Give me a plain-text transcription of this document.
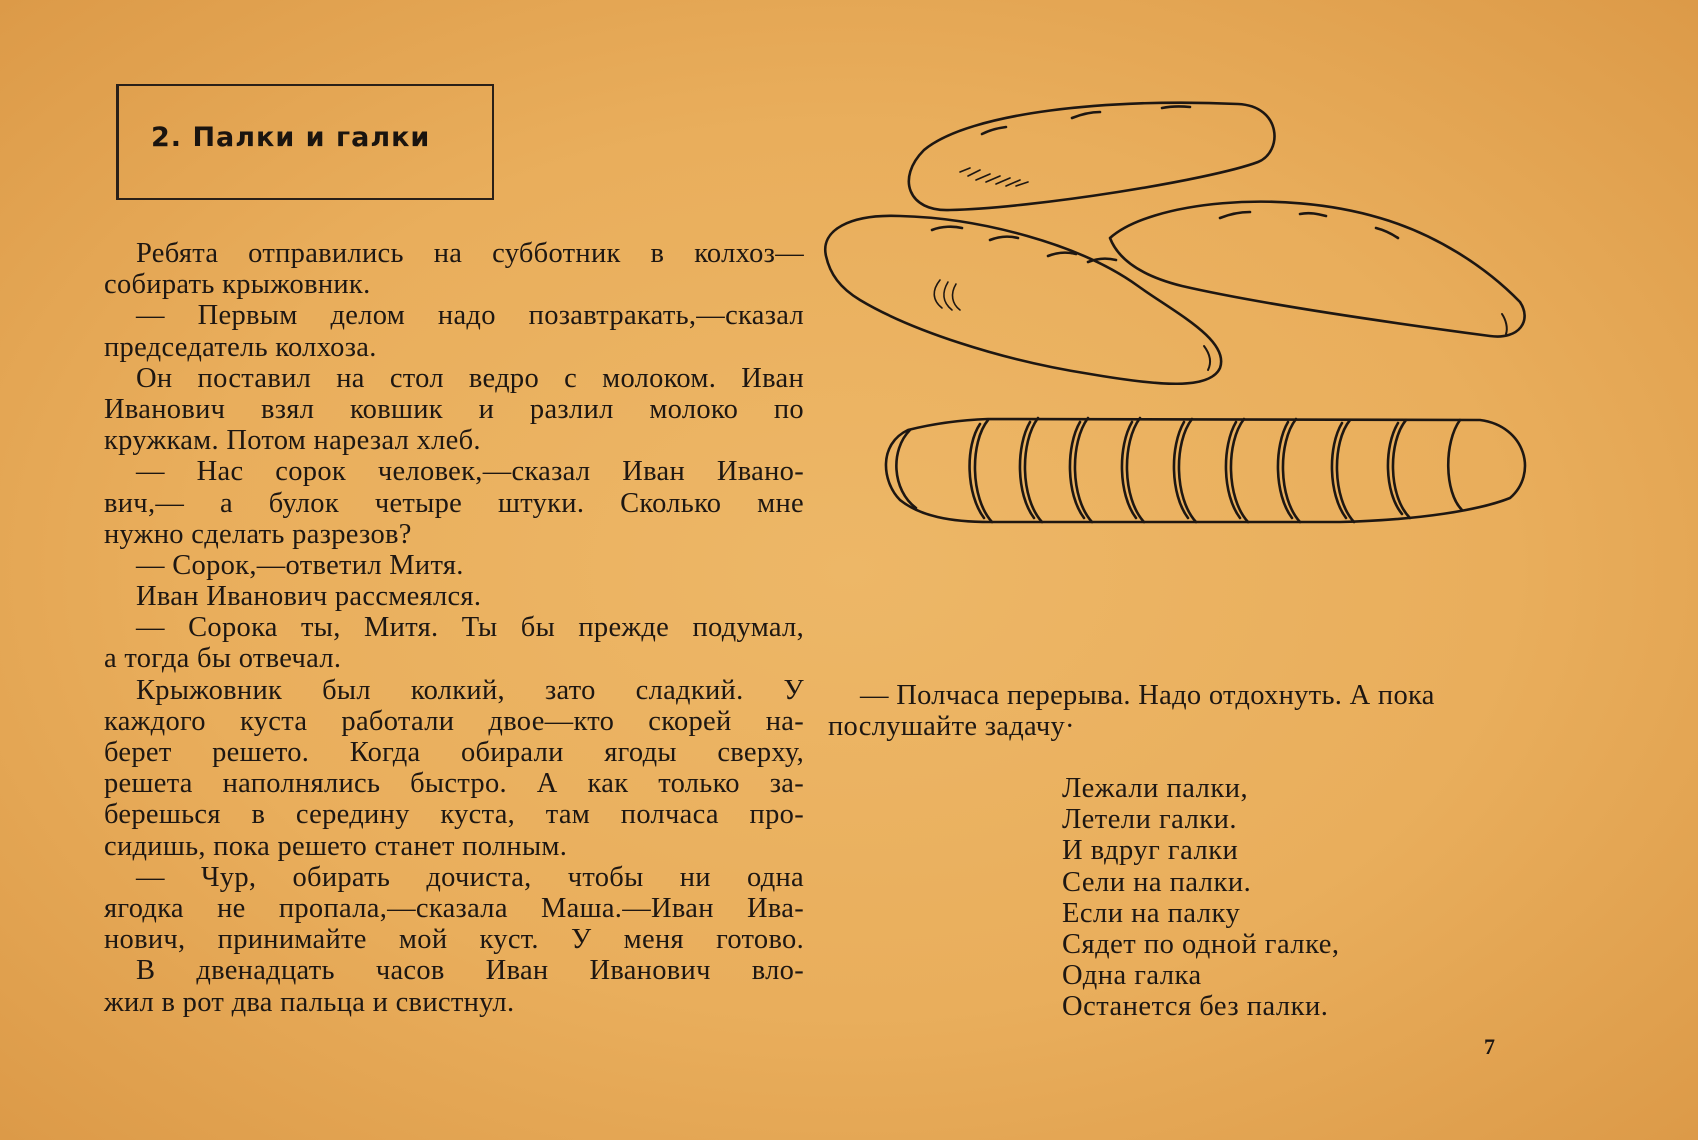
2. Палки и галки
Ребята отправились на субботник в колхоз—
собирать крыжовник.
— Первым делом надо позавтракать,—сказал
председатель колхоза.
Он поставил на стол ведро с молоком. Иван
Иванович взял ковшик и разлил молоко по
кружкам. Потом нарезал хлеб.
— Нас сорок человек,—сказал Иван Ивано-
вич,— а булок четыре штуки. Сколько мне
нужно сделать разрезов?
— Сорок,—ответил Митя.
Иван Иванович рассмеялся.
— Сорока ты, Митя. Ты бы прежде подумал,
а тогда бы отвечал.
Крыжовник был колкий, зато сладкий. У
каждого куста работали двое—кто скорей на-
берет решето. Когда обирали ягоды сверху,
решета наполнялись быстро. А как только за-
берешься в середину куста, там полчаса про-
сидишь, пока решето станет полным.
— Чур, обирать дочиста, чтобы ни одна
ягодка не пропала,—сказала Маша.—Иван Ива-
нович, принимайте мой куст. У меня готово.
В двенадцать часов Иван Иванович вло-
жил в рот два пальца и свистнул.
— Полчаса перерыва. Надо отдохнуть. А пока
послушайте задачу·
Лежали палки,
Летели галки.
И вдруг галки
Сели на палки.
Если на палку
Сядет по одной галке,
Одна галка
Останется без палки.
7
